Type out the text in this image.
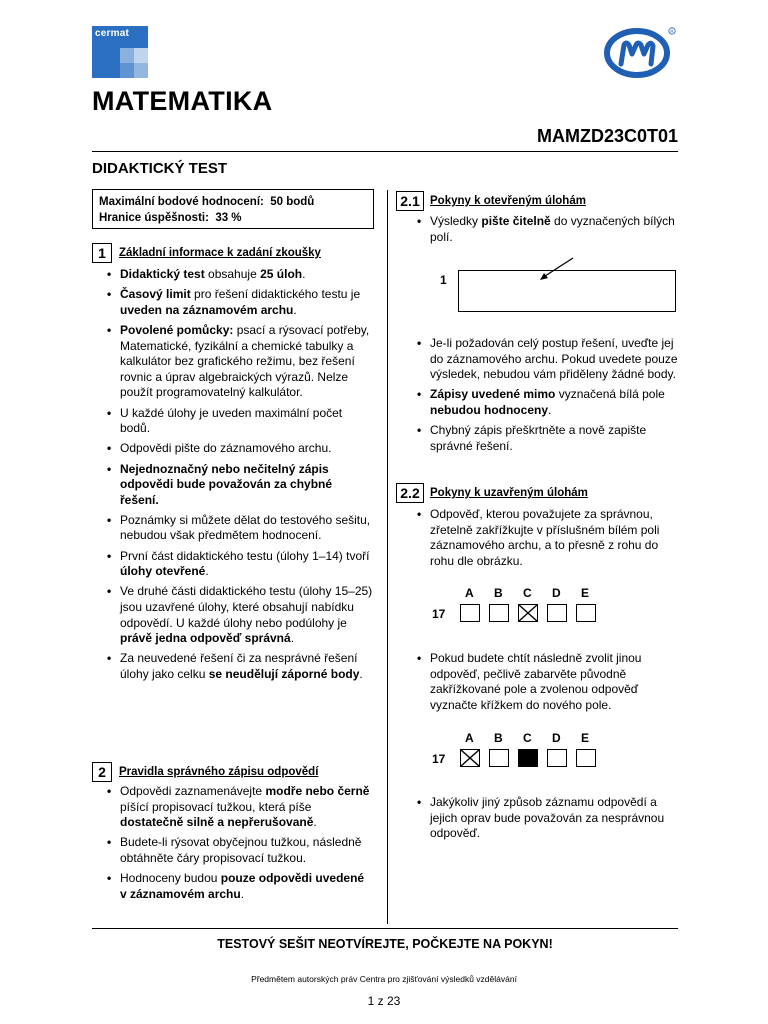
cermat	R
MATEMATIKA
MAMZD23C0T01
DIDAKTICKÝ TEST
Maximální bodové hodnocení: 50 bodů
Hranice úspěšnosti: 33 %
1	Základní informace k zadání zkoušky
• Didaktický test obsahuje 25 úloh.
• Časový limit pro řešení didaktického testu je uveden na záznamovém archu.
• Povolené pomůcky: psací a rýsovací potřeby, Matematické, fyzikální a chemické tabulky a kalkulátor bez grafického režimu, bez řešení rovnic a úprav algebraických výrazů. Nelze použít programovatelný kalkulátor.
• U každé úlohy je uveden maximální počet bodů.
• Odpovědi pište do záznamového archu.
• Nejednoznačný nebo nečitelný zápis odpovědi bude považován za chybné řešení.
• Poznámky si můžete dělat do testového sešitu, nebudou však předmětem hodnocení.
• První část didaktického testu (úlohy 1–14) tvoří úlohy otevřené.
• Ve druhé části didaktického testu (úlohy 15–25) jsou uzavřené úlohy, které obsahují nabídku odpovědí. U každé úlohy nebo podúlohy je právě jedna odpověď správná.
• Za neuvedené řešení či za nesprávné řešení úlohy jako celku se neudělují záporné body.
2	Pravidla správného zápisu odpovědí
• Odpovědi zaznamenávejte modře nebo černě píšící propisovací tužkou, která píše dostatečně silně a nepřerušovaně.
• Budete-li rýsovat obyčejnou tužkou, následně obtáhněte čáry propisovací tužkou.
• Hodnoceny budou pouze odpovědi uvedené v záznamovém archu.
2.1 Pokyny k otevřeným úlohám
• Výsledky pište čitelně do vyznačených bílých polí.
1
• Je-li požadován celý postup řešení, uveďte jej do záznamového archu. Pokud uvedete pouze výsledek, nebudou vám přiděleny žádné body.
• Zápisy uvedené mimo vyznačená bílá pole nebudou hodnoceny.
• Chybný zápis přeškrtněte a nově zapište správné řešení.
2.2 Pokyny k uzavřeným úlohám
• Odpověď, kterou považujete za správnou, zřetelně zakřížkujte v příslušném bílém poli záznamového archu, a to přesně z rohu do rohu dle obrázku.
17
A B C D E
• Pokud budete chtít následně zvolit jinou odpověď, pečlivě zabarvěte původně zakřížkované pole a zvolenou odpověď vyznačte křížkem do nového pole.
17
A B C D E
• Jakýkoliv jiný způsob záznamu odpovědí a jejich oprav bude považován za nesprávnou odpověď.
TESTOVÝ SEŠIT NEOTVÍREJTE, POČKEJTE NA POKYN!
Předmětem autorských práv Centra pro zjišťování výsledků vzdělávání
1 z 23
